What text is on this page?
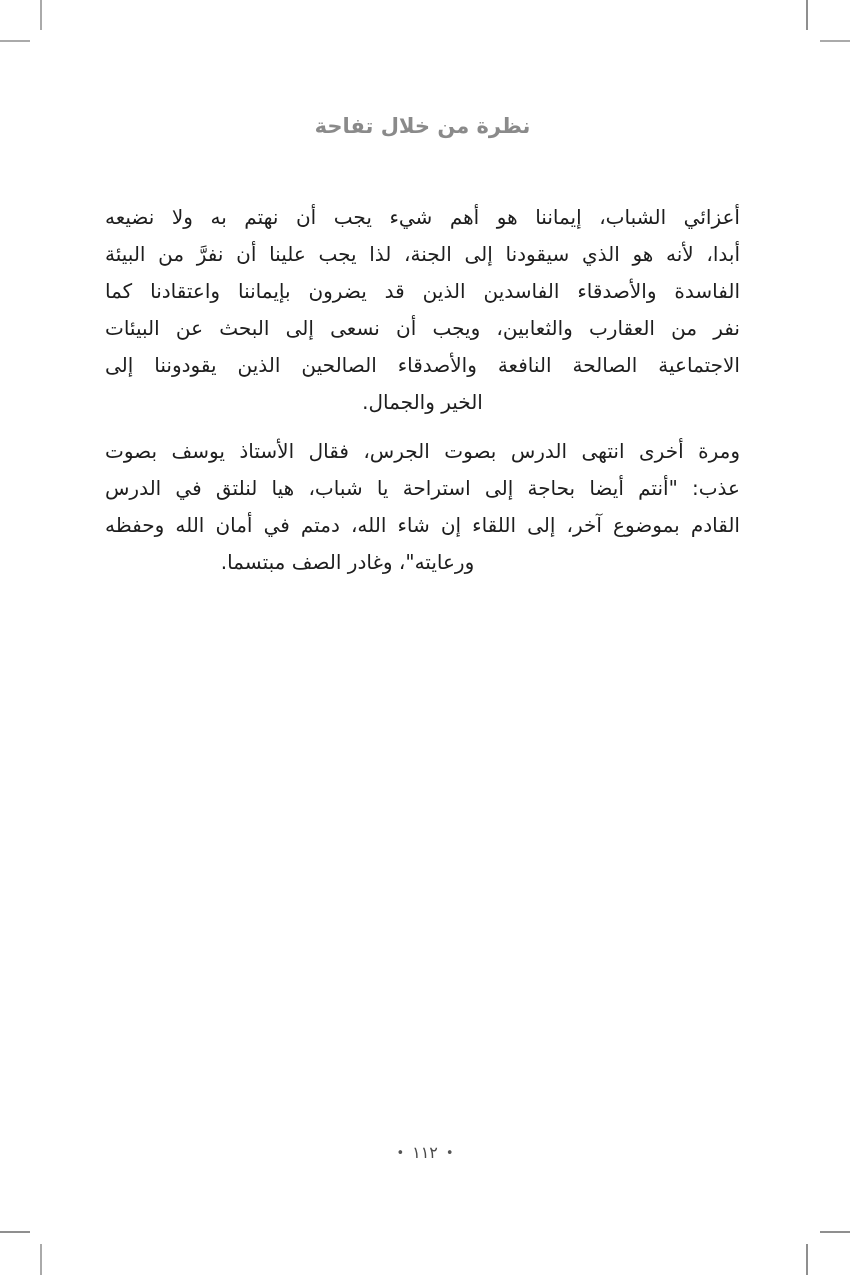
نظرة من خلال تفاحة
أعزائي الشباب، إيماننا هو أهم شيء يجب أن نهتم به ولا نضيعه
أبدا، لأنه هو الذي سيقودنا إلى الجنة، لذا يجب علينا أن نفرَّ من البيئة
الفاسدة والأصدقاء الفاسدين الذين قد يضرون بإيماننا واعتقادنا كما
نفر من العقارب والثعابين، ويجب أن نسعى إلى البحث عن البيئات
الاجتماعية الصالحة النافعة والأصدقاء الصالحين الذين يقودوننا إلى
الخير والجمال.
ومرة أخرى انتهى الدرس بصوت الجرس، فقال الأستاذ يوسف بصوت
عذب: "أنتم أيضا بحاجة إلى استراحة يا شباب، هيا لنلتق في الدرس
القادم بموضوع آخر، إلى اللقاء إن شاء الله، دمتم في أمان الله وحفظه
ورعايته"، وغادر الصف مبتسما.
•١١٢•
